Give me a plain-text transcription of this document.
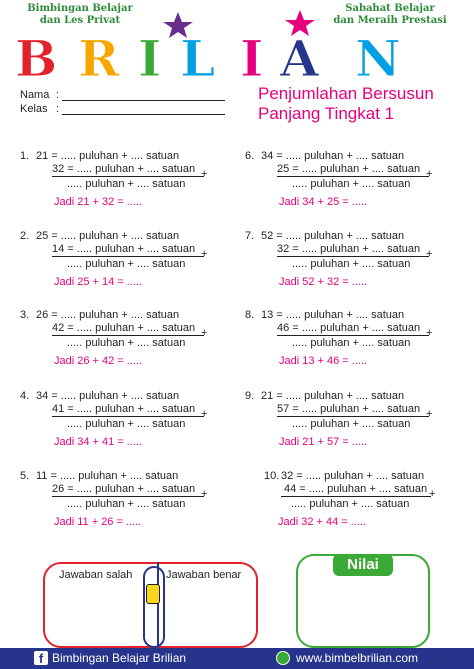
B R I L I A N
Bimbingan Belajar
dan Les Privat
Sabahat Belajar
dan Meraih Prestasi
Nama :
Kelas :
Penjumlahan Bersusun
Panjang Tingkat 1
21 = ..... puluhan + .... satuan
32 = ..... puluhan + .... satuan +
..... puluhan + .... satuan
Jadi 21 + 32 = .....
1.
25 = ..... puluhan + .... satuan
14 = ..... puluhan + .... satuan +
..... puluhan + .... satuan
Jadi 25 + 14 = .....
2.
26 = ..... puluhan + .... satuan
42 = ..... puluhan + .... satuan +
..... puluhan + .... satuan
Jadi 26 + 42 = .....
3.
34 = ..... puluhan + .... satuan
41 = ..... puluhan + .... satuan +
..... puluhan + .... satuan
Jadi 34 + 41 = .....
4.
11 = ..... puluhan + .... satuan
26 = ..... puluhan + .... satuan +
..... puluhan + .... satuan
Jadi 11 + 26 = .....
5.
34 = ..... puluhan + .... satuan
25 = ..... puluhan + .... satuan +
..... puluhan + .... satuan
Jadi 34 + 25 = .....
6.
52 = ..... puluhan + .... satuan
32 = ..... puluhan + .... satuan +
..... puluhan + .... satuan
Jadi 52 + 32 = .....
7.
13 = ..... puluhan + .... satuan
46 = ..... puluhan + .... satuan +
..... puluhan + .... satuan
Jadi 13 + 46 = .....
8.
21 = ..... puluhan + .... satuan
57 = ..... puluhan + .... satuan +
..... puluhan + .... satuan
Jadi 21 + 57 = .....
9.
32 = ..... puluhan + .... satuan
44 = ..... puluhan + .... satuan +
..... puluhan + .... satuan
Jadi 32 + 44 = .....
10.
Jawaban salah	Jawaban benar
Nilai
f Bimbingan Belajar Brilian	www.bimbelbrilian.com
